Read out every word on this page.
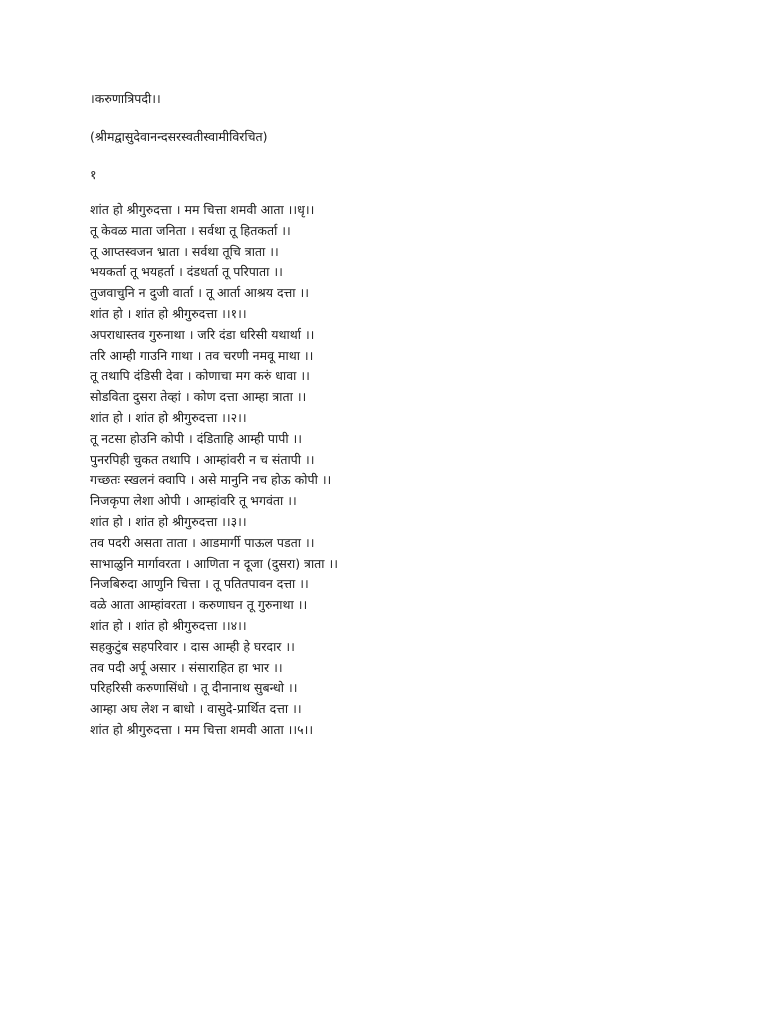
।करुणात्रिपदी।।
(श्रीमद्वासुदेवानन्दसरस्वतीस्वामीविरचित)
१
शांत हो श्रीगुरुदत्ता । मम चित्ता शमवी आता ।।धृ।।
तू केवळ माता जनिता । सर्वथा तू हितकर्ता ।।
तू आप्तस्वजन भ्राता । सर्वथा तूचि त्राता ।।
भयकर्ता तू भयहर्ता । दंडधर्ता तू परिपाता ।।
तुजवाचुनि न दुजी वार्ता । तू आर्ता आश्रय दत्ता ।।
शांत हो । शांत हो श्रीगुरुदत्ता ।।१।।
अपराधास्तव गुरुनाथा । जरि दंडा धरिसी यथार्था ।।
तरि आम्ही गाउनि गाथा । तव चरणी नमवू माथा ।।
तू तथापि दंडिसी देवा । कोणाचा मग करुं धावा ।।
सोडविता दुसरा तेव्हां । कोण दत्ता आम्हा त्राता ।।
शांत हो । शांत हो श्रीगुरुदत्ता ।।२।।
तू नटसा होउनि कोपी । दंडिताहि आम्ही पापी ।।
पुनरपिही चुकत तथापि । आम्हांवरी न च संतापी ।।
गच्छतः स्खलनं क्वापि । असे मानुनि नच होऊ कोपी ।।
निजकृपा लेशा ओपी । आम्हांवरि तू भगवंता ।।
शांत हो । शांत हो श्रीगुरुदत्ता ।।३।।
तव पदरी असता ताता । आडमार्गी पाऊल पडता ।।
साभाळुनि मार्गावरता । आणिता न दूजा (दुसरा) त्राता ।।
निजबिरुदा आणुनि चित्ता । तू पतितपावन दत्ता ।।
वळे आता आम्हांवरता । करुणाघन तू गुरुनाथा ।।
शांत हो । शांत हो श्रीगुरुदत्ता ।।४।।
सहकुटुंब सहपरिवार । दास आम्ही हे घरदार ।।
तव पदी अर्पू असार । संसाराहित हा भार ।।
परिहरिसी करुणासिंधो । तू दीनानाथ सुबन्धो ।।
आम्हा अघ लेश न बाधो । वासुदे-प्रार्थित दत्ता ।।
शांत हो श्रीगुरुदत्ता । मम चित्ता शमवी आता ।।५।।
